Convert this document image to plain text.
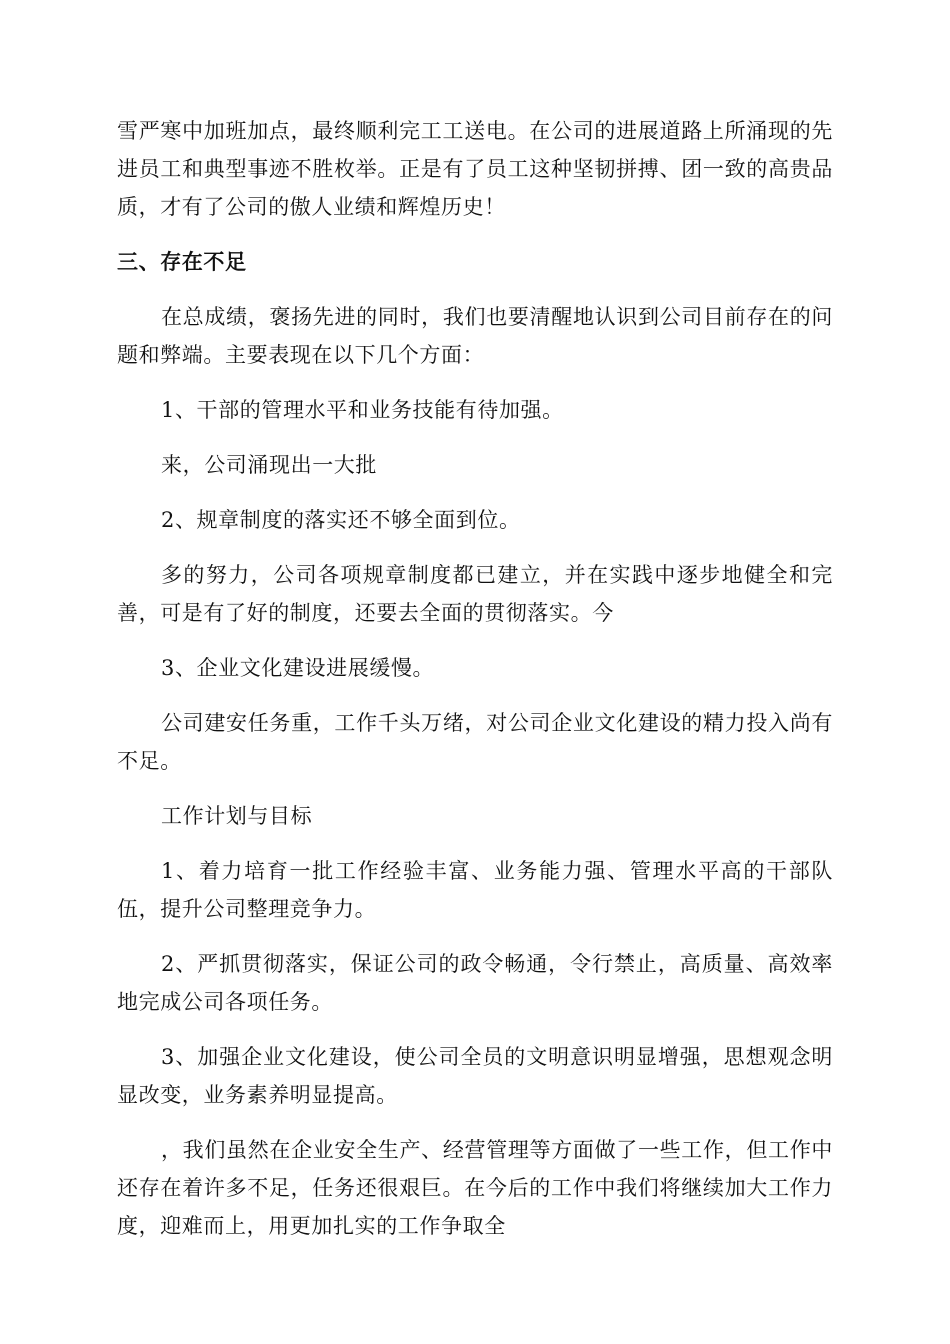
雪严寒中加班加点，最终顺利完工工送电。在公司的进展道路上所涌现的先进员工和典型事迹不胜枚举。正是有了员工这种坚韧拼搏、团一致的高贵品质，才有了公司的傲人业绩和辉煌历史！

三、存在不足

在总成绩，褒扬先进的同时，我们也要清醒地认识到公司目前存在的问题和弊端。主要表现在以下几个方面：

1、干部的管理水平和业务技能有待加强。

来，公司涌现出一大批

2、规章制度的落实还不够全面到位。

多的努力，公司各项规章制度都已建立，并在实践中逐步地健全和完善，可是有了好的制度，还要去全面的贯彻落实。今

3、企业文化建设进展缓慢。

公司建安任务重，工作千头万绪，对公司企业文化建设的精力投入尚有不足。

工作计划与目标

1、着力培育一批工作经验丰富、业务能力强、管理水平高的干部队伍，提升公司整理竞争力。

2、严抓贯彻落实，保证公司的政令畅通，令行禁止，高质量、高效率地完成公司各项任务。

3、加强企业文化建设，使公司全员的文明意识明显增强，思想观念明显改变，业务素养明显提高。

，我们虽然在企业安全生产、经营管理等方面做了一些工作，但工作中还存在着许多不足，任务还很艰巨。在今后的工作中我们将继续加大工作力度，迎难而上，用更加扎实的工作争取全
